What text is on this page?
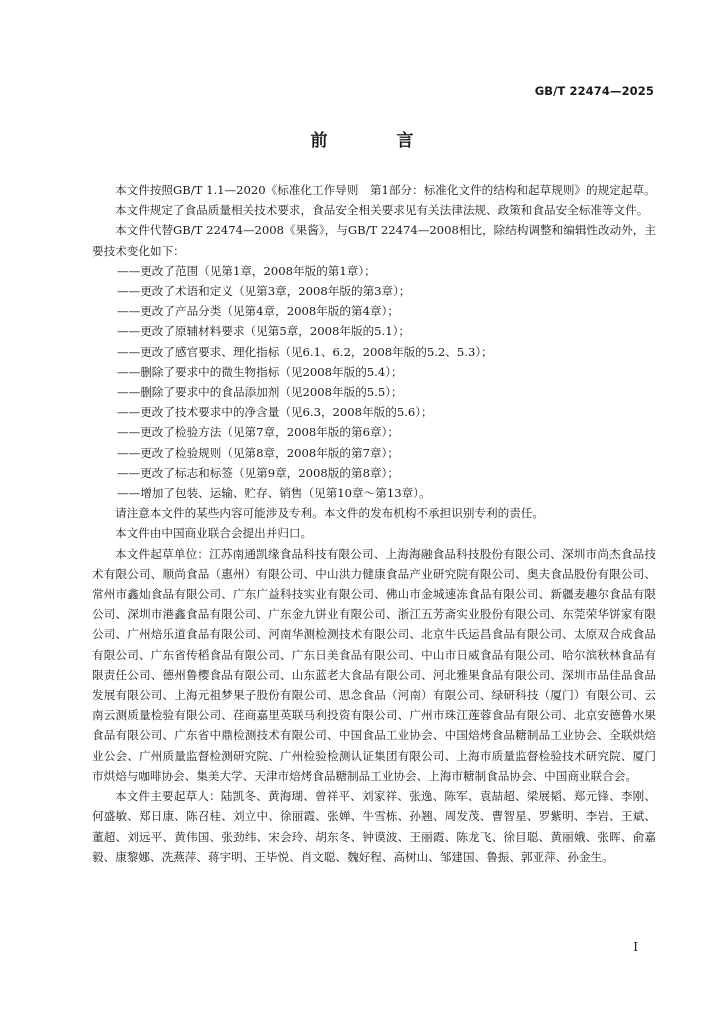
GB/T 22474—2025
前　言

本文件按照GB/T 1.1—2020《标准化工作导则　第1部分：标准化文件的结构和起草规则》的规定起草。

本文件规定了食品质量相关技术要求，食品安全相关要求见有关法律法规、政策和食品安全标准等文件。

本文件代替GB/T 22474—2008《果酱》，与GB/T 22474—2008相比，除结构调整和编辑性改动外，主要技术变化如下：

——更改了范围（见第1章，2008年版的第1章）；

——更改了术语和定义（见第3章，2008年版的第3章）；

——更改了产品分类（见第4章，2008年版的第4章）；

——更改了原辅材料要求（见第5章，2008年版的5.1）；

——更改了感官要求、理化指标（见6.1、6.2，2008年版的5.2、5.3）；

——删除了要求中的微生物指标（见2008年版的5.4）；

——删除了要求中的食品添加剂（见2008年版的5.5）；

——更改了技术要求中的净含量（见6.3，2008年版的5.6）；

——更改了检验方法（见第7章，2008年版的第6章）；

——更改了检验规则（见第8章，2008年版的第7章）；

——更改了标志和标签（见第9章，2008版的第8章）；

——增加了包装、运输、贮存、销售（见第10章～第13章）。

请注意本文件的某些内容可能涉及专利。本文件的发布机构不承担识别专利的责任。

本文件由中国商业联合会提出并归口。

本文件起草单位：江苏南通凯缘食品科技有限公司、上海海融食品科技股份有限公司、深圳市尚杰食品技术有限公司、顺尚食品（惠州）有限公司、中山洪力健康食品产业研究院有限公司、奥夫食品股份有限公司、常州市鑫灿食品有限公司、广东广益科技实业有限公司、佛山市金城速冻食品有限公司、新疆麦趣尔食品有限公司、深圳市港鑫食品有限公司、广东金九饼业有限公司、浙江五芳斋实业股份有限公司、东莞荣华饼家有限公司、广州焙乐道食品有限公司、河南华测检测技术有限公司、北京牛氏运昌食品有限公司、太原双合成食品有限公司、广东省传稻食品有限公司、广东日美食品有限公司、中山市日威食品有限公司、哈尔滨秋林食品有限责任公司、德州鲁樱食品有限公司、山东蓝老大食品有限公司、河北雅果食品有限公司、深圳市品佳品食品发展有限公司、上海元祖梦果子股份有限公司、思念食品（河南）有限公司、绿研科技（厦门）有限公司、云南云测质量检验有限公司、荏商嘉里英联马利投资有限公司、广州市珠江莲蓉食品有限公司、北京安德鲁水果食品有限公司、广东省中鼎检测技术有限公司、中国食品工业协会、中国焙烤食品糖制品工业协会、全联烘焙业公会、广州质量监督检测研究院、广州检验检测认证集团有限公司、上海市质量监督检验技术研究院、厦门市烘焙与咖啡协会、集美大学、天津市焙烤食品糖制品工业协会、上海市糖制食品协会、中国商业联合会。

本文件主要起草人：陆凯冬、黄海瑚、曾祥平、刘家祥、张逸、陈军、袁喆超、梁展韬、郑元锋、李刚、何盛敏、郑日康、陈召桂、刘立中、徐丽霞、张婵、牛雪栋、孙翘、周发茂、曹智星、罗紫明、李岩、王斌、董超、刘远平、黄伟国、张劲纬、宋会玲、胡东冬、钟谟波、王丽霞、陈龙飞、徐目聪、黄丽娥、张晖、俞嘉毅、康黎娜、冼燕萍、蒋宇明、王毕悦、肖文聪、魏好程、高树山、邹建国、鲁振、郭亚萍、孙金生。

I
